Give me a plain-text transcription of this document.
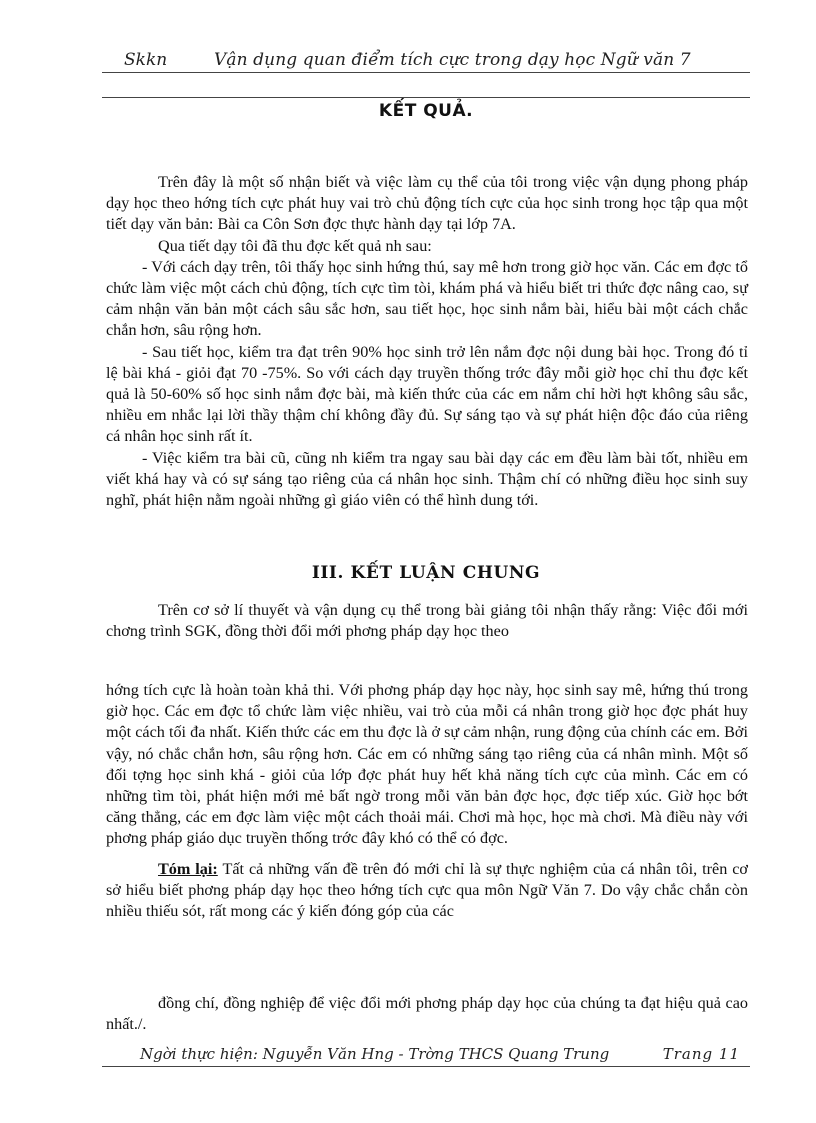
Skkn	Vận dụng quan điểm tích cực trong dạy học Ngữ văn 7
KẾT QUẢ.

Trên đây là một số nhận biết và việc làm cụ thể của tôi trong việc vận dụng phong pháp dạy học theo hớng tích cực phát huy vai trò chủ động tích cực của học sinh trong học tập qua một tiết dạy văn bản: Bài ca Côn Sơn đợc thực hành dạy tại lớp 7A.

Qua tiết dạy tôi đã thu đợc kết quả nh sau:

- Với cách dạy trên, tôi thấy học sinh hứng thú, say mê hơn trong giờ học văn. Các em đợc tổ chức làm việc một cách chủ động, tích cực tìm tòi, khám phá và hiểu biết tri thức đợc nâng cao, sự cảm nhận văn bản một cách sâu sắc hơn, sau tiết học, học sinh nắm bài, hiểu bài một cách chắc chắn hơn, sâu rộng hơn.

- Sau tiết học, kiểm tra đạt trên 90% học sinh trở lên nắm đợc nội dung bài học. Trong đó tỉ lệ bài khá - giỏi đạt 70 -75%. So với cách dạy truyền thống trớc đây mỗi giờ học chỉ thu đợc kết quả là 50-60% số học sinh nắm đợc bài, mà kiến thức của các em nắm chỉ hời hợt không sâu sắc, nhiều em nhắc lại lời thầy thậm chí không đầy đủ. Sự sáng tạo và sự phát hiện độc đáo của riêng cá nhân học sinh rất ít.

- Việc kiểm tra bài cũ, cũng nh kiểm tra ngay sau bài dạy các em đều làm bài tốt, nhiều em viết khá hay và có sự sáng tạo riêng của cá nhân học sinh. Thậm chí có những điều học sinh suy nghĩ, phát hiện nằm ngoài những gì giáo viên có thể hình dung tới.

III. KẾT LUẬN CHUNG

Trên cơ sở lí thuyết và vận dụng cụ thể trong bài giảng tôi nhận thấy rằng: Việc đổi mới chơng trình SGK, đồng thời đổi mới phơng pháp dạy học theo

hớng tích cực là hoàn toàn khả thi. Với phơng pháp dạy học này, học sinh say mê, hứng thú trong giờ học. Các em đợc tổ chức làm việc nhiều, vai trò của mỗi cá nhân trong giờ học đợc phát huy một cách tối đa nhất. Kiến thức các em thu đợc là ở sự cảm nhận, rung động của chính các em. Bởi vậy, nó chắc chắn hơn, sâu rộng hơn. Các em có những sáng tạo riêng của cá nhân mình. Một số đối tợng học sinh khá - giỏi của lớp đợc phát huy hết khả năng tích cực của mình. Các em có những tìm tòi, phát hiện mới mẻ bất ngờ trong mỗi văn bản đợc học, đợc tiếp xúc. Giờ học bớt căng thẳng, các em đợc làm việc một cách thoải mái. Chơi mà học, học mà chơi. Mà điều này với phơng pháp giáo dục truyền thống trớc đây khó có thể có đợc.

Tóm lại: Tất cả những vấn đề trên đó mới chỉ là sự thực nghiệm của cá nhân tôi, trên cơ sở hiểu biết phơng pháp dạy học theo hớng tích cực qua môn Ngữ Văn 7. Do vậy chắc chắn còn nhiều thiếu sót, rất mong các ý kiến đóng góp của các

đồng chí, đồng nghiệp để việc đổi mới phơng pháp dạy học của chúng ta đạt hiệu quả cao nhất./.

Ngời thực hiện: Nguyễn Văn Hng - Trờng THCS Quang Trung	Trang 11
